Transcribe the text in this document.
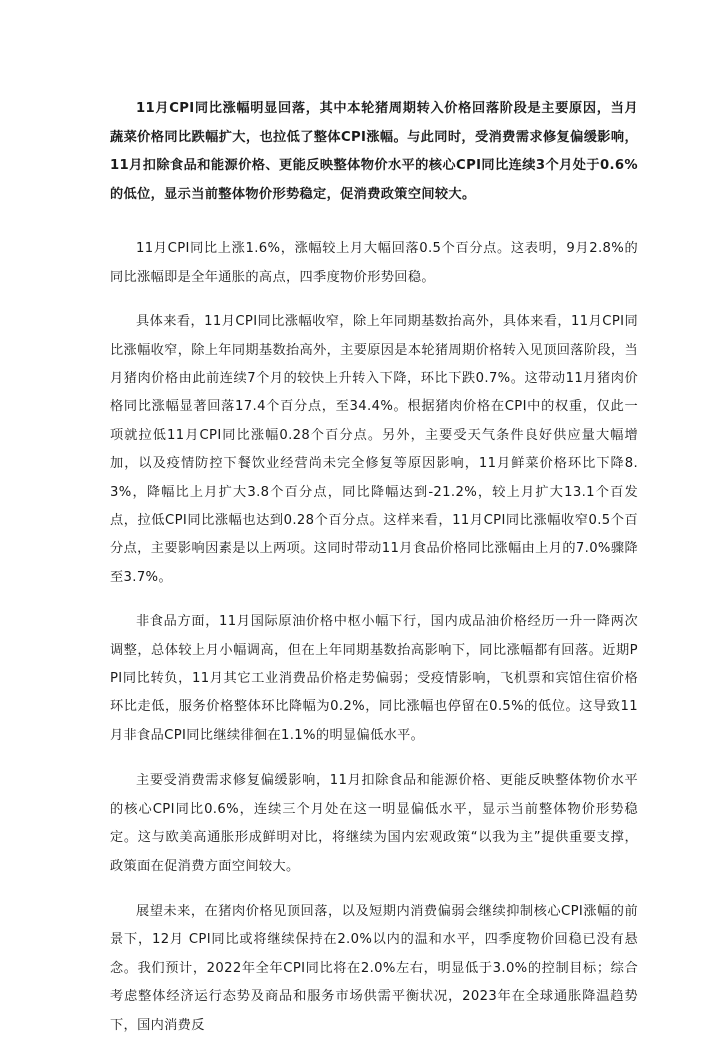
11月CPI同比涨幅明显回落，其中本轮猪周期转入价格回落阶段是主要原因，当月蔬菜价格同比跌幅扩大，也拉低了整体CPI涨幅。与此同时，受消费需求修复偏缓影响，11月扣除食品和能源价格、更能反映整体物价水平的核心CPI同比连续3个月处于0.6%的低位，显示当前整体物价形势稳定，促消费政策空间较大。

11月CPI同比上涨1.6%，涨幅较上月大幅回落0.5个百分点。这表明，9月2.8%的同比涨幅即是全年通胀的高点，四季度物价形势回稳。

具体来看，11月CPI同比涨幅收窄，除上年同期基数抬高外，具体来看，11月CPI同比涨幅收窄，除上年同期基数抬高外，主要原因是本轮猪周期价格转入见顶回落阶段，当月猪肉价格由此前连续7个月的较快上升转入下降，环比下跌0.7%。这带动11月猪肉价格同比涨幅显著回落17.4个百分点，至34.4%。根据猪肉价格在CPI中的权重，仅此一项就拉低11月CPI同比涨幅0.28个百分点。另外，主要受天气条件良好供应量大幅增加，以及疫情防控下餐饮业经营尚未完全修复等原因影响，11月鲜菜价格环比下降8.3%，降幅比上月扩大3.8个百分点，同比降幅达到-21.2%，较上月扩大13.1个百发点，拉低CPI同比涨幅也达到0.28个百分点。这样来看，11月CPI同比涨幅收窄0.5个百分点，主要影响因素是以上两项。这同时带动11月食品价格同比涨幅由上月的7.0%骤降至3.7%。

非食品方面，11月国际原油价格中枢小幅下行，国内成品油价格经历一升一降两次调整，总体较上月小幅调高，但在上年同期基数抬高影响下，同比涨幅都有回落。近期PPI同比转负，11月其它工业消费品价格走势偏弱；受疫情影响，飞机票和宾馆住宿价格环比走低，服务价格整体环比降幅为0.2%，同比涨幅也停留在0.5%的低位。这导致11月非食品CPI同比继续徘徊在1.1%的明显偏低水平。

主要受消费需求修复偏缓影响，11月扣除食品和能源价格、更能反映整体物价水平的核心CPI同比0.6%，连续三个月处在这一明显偏低水平，显示当前整体物价形势稳定。这与欧美高通胀形成鲜明对比，将继续为国内宏观政策“以我为主”提供重要支撑，政策面在促消费方面空间较大。

展望未来，在猪肉价格见顶回落，以及短期内消费偏弱会继续抑制核心CPI涨幅的前景下，12月 CPI同比或将继续保持在2.0%以内的温和水平，四季度物价回稳已没有悬念。我们预计，2022年全年CPI同比将在2.0%左右，明显低于3.0%的控制目标；综合考虑整体经济运行态势及商品和服务市场供需平衡状况，2023年在全球通胀降温趋势下，国内消费反
